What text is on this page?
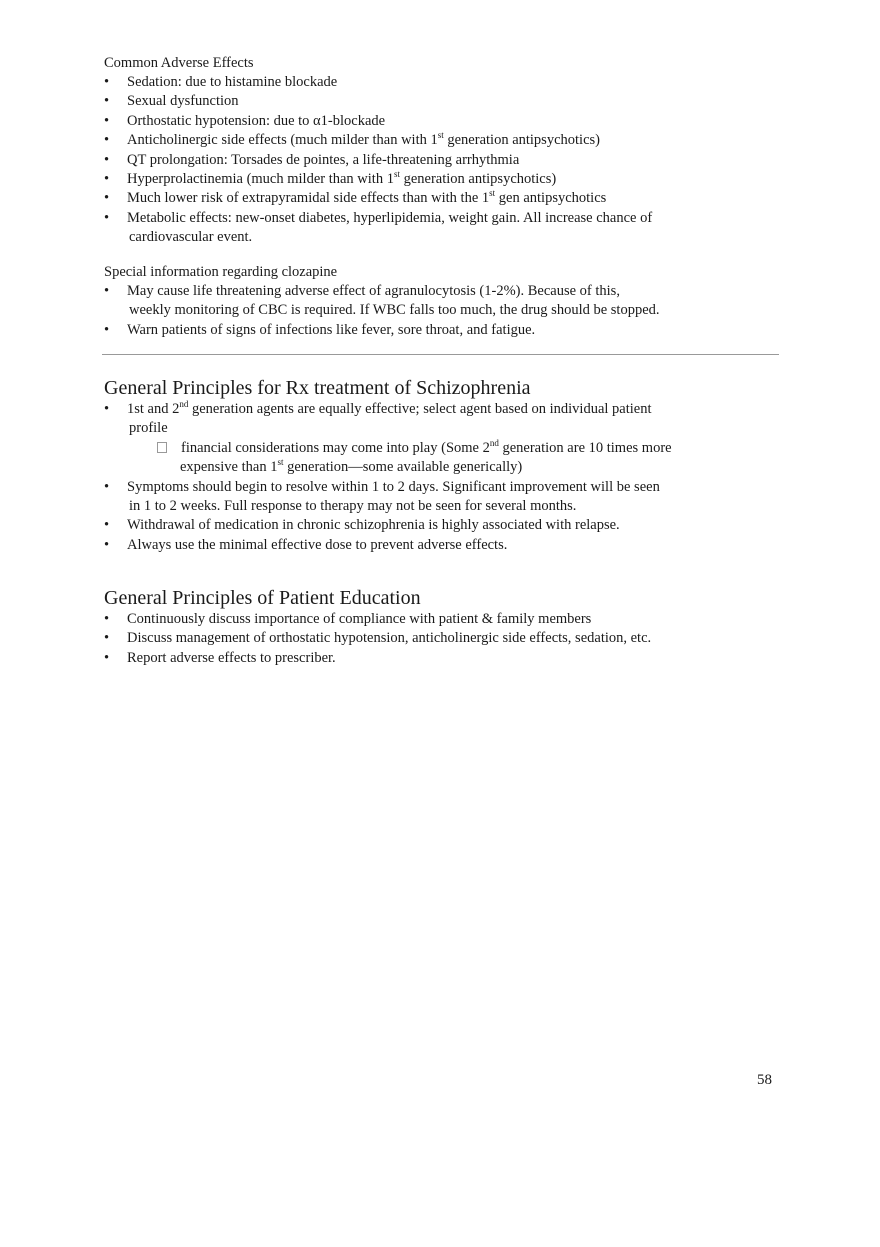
Common Adverse Effects
• Sedation: due to histamine blockade
• Sexual dysfunction
• Orthostatic hypotension: due to α1-blockade
• Anticholinergic side effects (much milder than with 1st generation antipsychotics)
• QT prolongation: Torsades de pointes, a life-threatening arrhythmia
• Hyperprolactinemia (much milder than with 1st generation antipsychotics)
• Much lower risk of extrapyramidal side effects than with the 1st gen antipsychotics
• Metabolic effects: new-onset diabetes, hyperlipidemia, weight gain. All increase chance of
cardiovascular event.
Special information regarding clozapine
• May cause life threatening adverse effect of agranulocytosis (1-2%). Because of this,
weekly monitoring of CBC is required. If WBC falls too much, the drug should be stopped.
• Warn patients of signs of infections like fever, sore throat, and fatigue.
General Principles for Rx treatment of Schizophrenia
• 1st and 2nd generation agents are equally effective; select agent based on individual patient
profile
financial considerations may come into play (Some 2nd generation are 10 times more
expensive than 1st generation—some available generically)
• Symptoms should begin to resolve within 1 to 2 days. Significant improvement will be seen
in 1 to 2 weeks. Full response to therapy may not be seen for several months.
• Withdrawal of medication in chronic schizophrenia is highly associated with relapse.
• Always use the minimal effective dose to prevent adverse effects.
General Principles of Patient Education
• Continuously discuss importance of compliance with patient & family members
• Discuss management of orthostatic hypotension, anticholinergic side effects, sedation, etc.
• Report adverse effects to prescriber.
58
